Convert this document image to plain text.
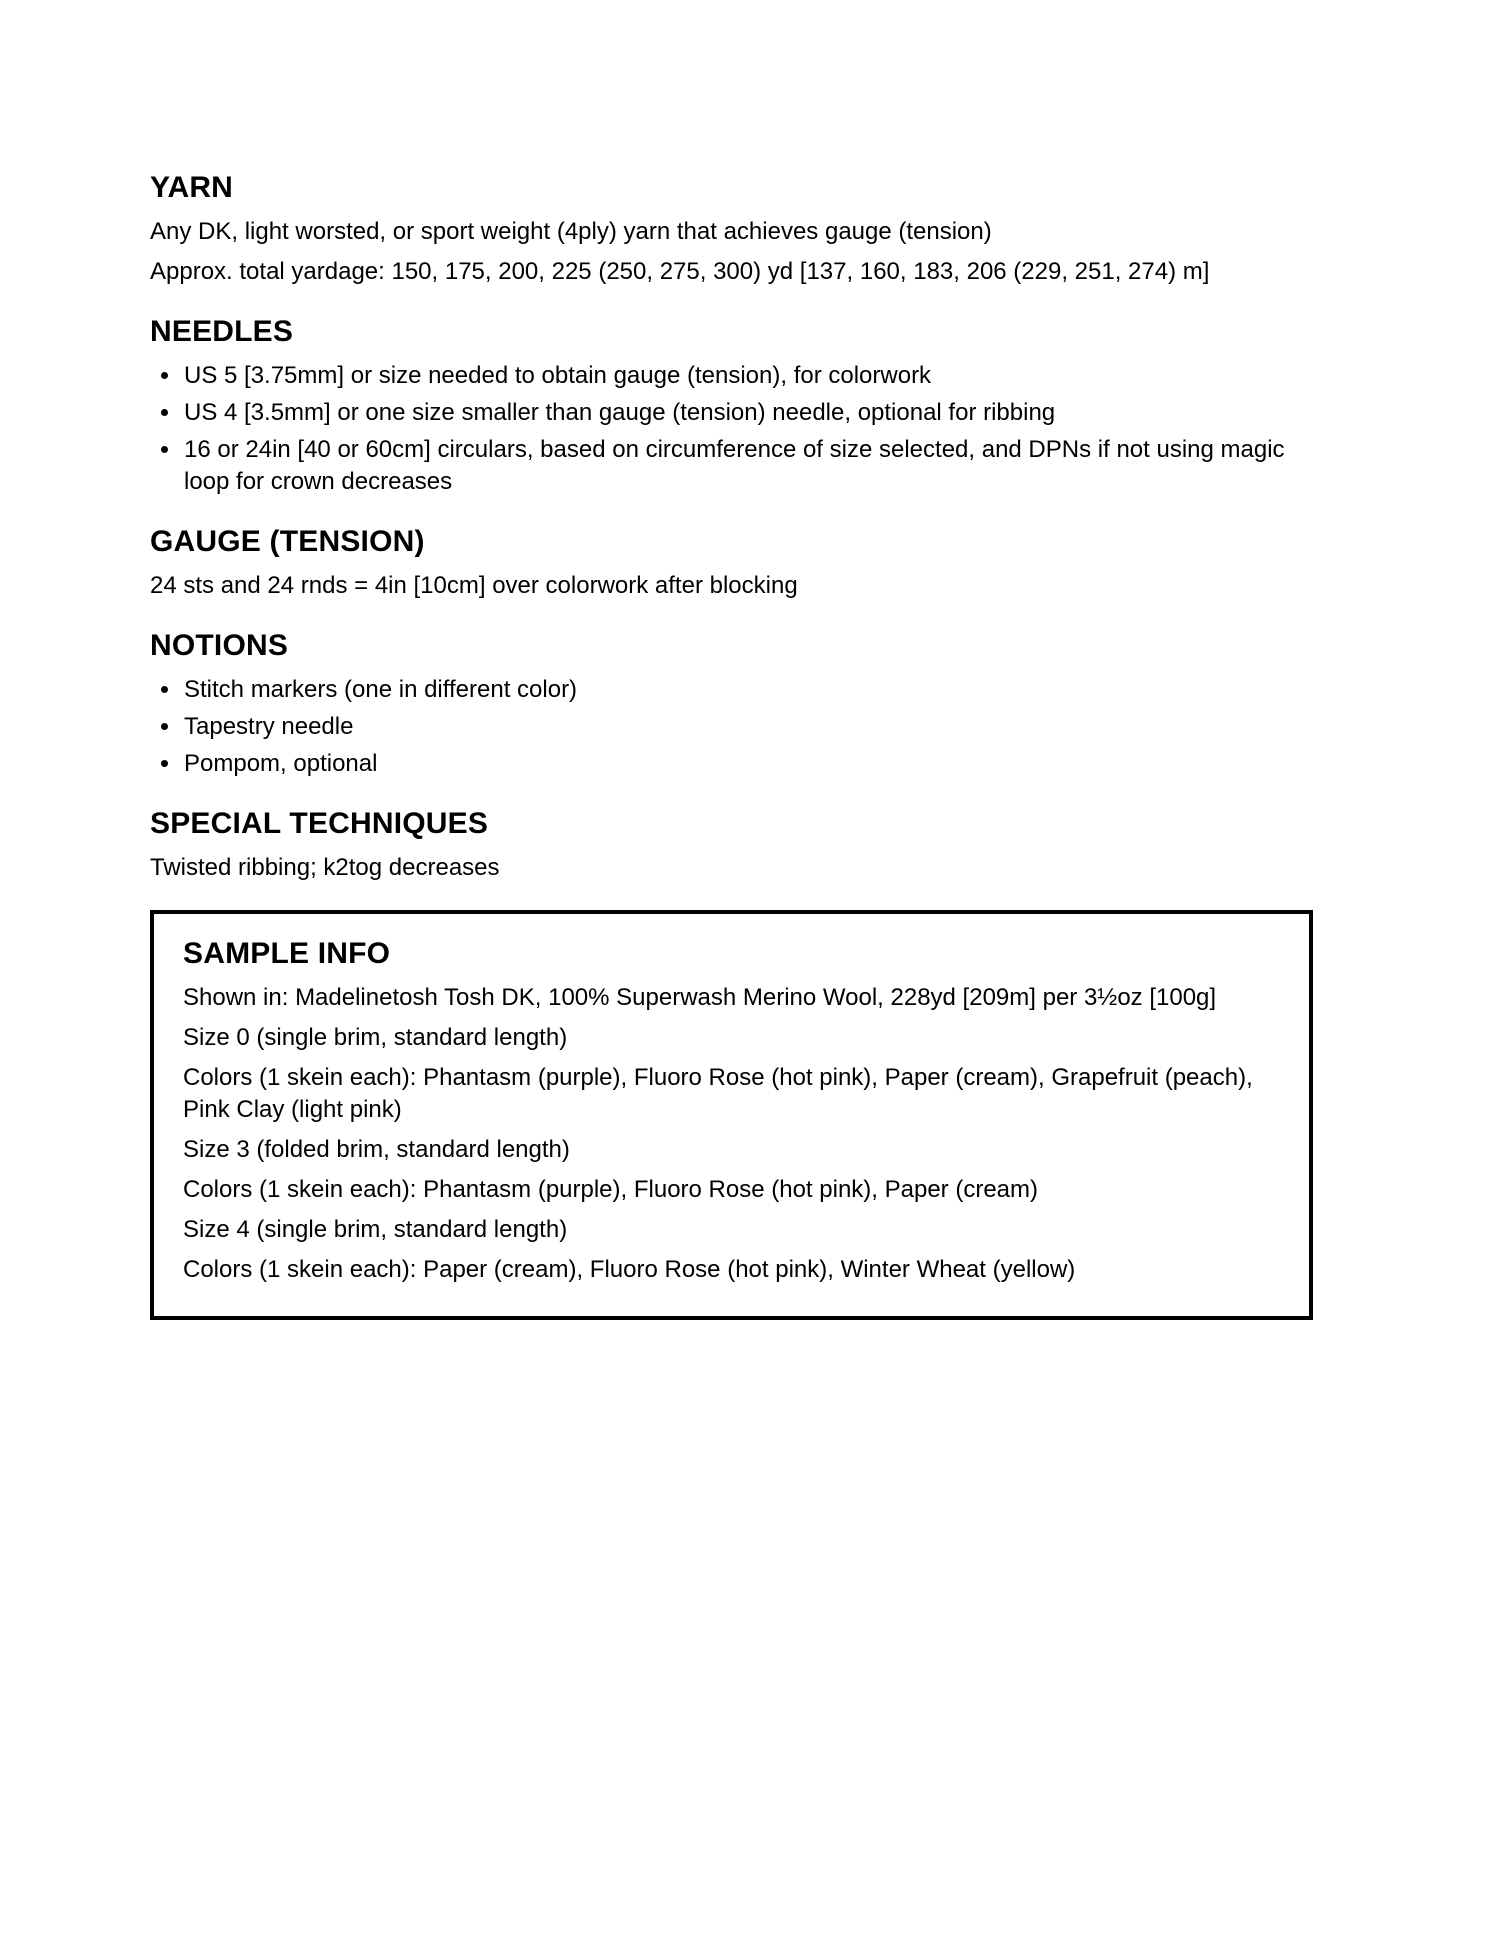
YARN

Any DK, light worsted, or sport weight (4ply) yarn that achieves gauge (tension)

Approx. total yardage: 150, 175, 200, 225 (250, 275, 300) yd [137, 160, 183, 206 (229, 251, 274) m]

NEEDLES
• US 5 [3.75mm] or size needed to obtain gauge (tension), for colorwork
• US 4 [3.5mm] or one size smaller than gauge (tension) needle, optional for ribbing
• 16 or 24in [40 or 60cm] circulars, based on circumference of size selected, and DPNs if not using magic loop for crown decreases
GAUGE (TENSION)

24 sts and 24 rnds = 4in [10cm] over colorwork after blocking

NOTIONS
• Stitch markers (one in different color)
• Tapestry needle
• Pompom, optional
SPECIAL TECHNIQUES

Twisted ribbing; k2tog decreases

SAMPLE INFO

Shown in: Madelinetosh Tosh DK, 100% Superwash Merino Wool, 228yd [209m] per 3½oz [100g]

Size 0 (single brim, standard length)

Colors (1 skein each): Phantasm (purple), Fluoro Rose (hot pink), Paper (cream), Grapefruit (peach), Pink Clay (light pink)

Size 3 (folded brim, standard length)

Colors (1 skein each): Phantasm (purple), Fluoro Rose (hot pink), Paper (cream)

Size 4 (single brim, standard length)

Colors (1 skein each): Paper (cream), Fluoro Rose (hot pink), Winter Wheat (yellow)
